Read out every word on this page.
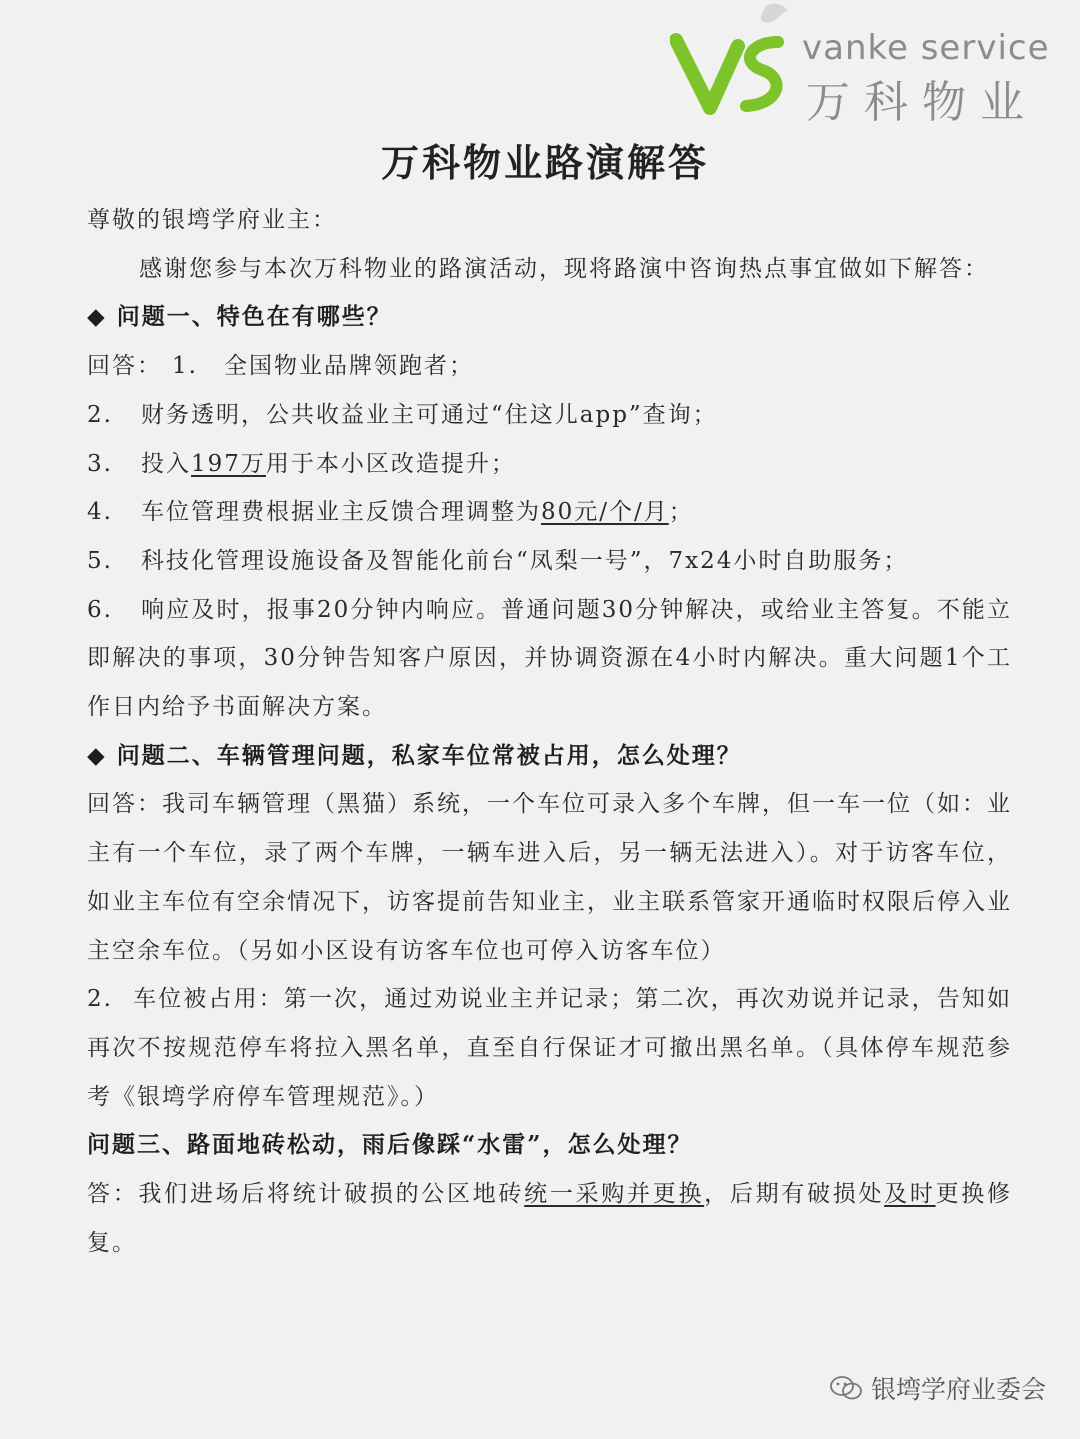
vanke service
万科物业
万科物业路演解答

尊敬的银塆学府业主：

感谢您参与本次万科物业的路演活动，现将路演中咨询热点事宜做如下解答：

◆ 问题一、特色在有哪些？

回答： 1. 全国物业品牌领跑者；

2. 财务透明，公共收益业主可通过“住这儿app”查询；

3. 投入197万用于本小区改造提升；

4. 车位管理费根据业主反馈合理调整为80元/个/月；

5. 科技化管理设施设备及智能化前台“凤梨一号”，7x24小时自助服务；

6. 响应及时，报事20分钟内响应。普通问题30分钟解决，或给业主答复。不能立即解决的事项，30分钟告知客户原因，并协调资源在4小时内解决。重大问题1个工作日内给予书面解决方案。

◆ 问题二、车辆管理问题，私家车位常被占用，怎么处理？

回答：我司车辆管理（黑猫）系统，一个车位可录入多个车牌，但一车一位（如：业主有一个车位，录了两个车牌，一辆车进入后，另一辆无法进入）。对于访客车位，如业主车位有空余情况下，访客提前告知业主，业主联系管家开通临时权限后停入业主空余车位。（另如小区设有访客车位也可停入访客车位）

2. 车位被占用：第一次，通过劝说业主并记录；第二次，再次劝说并记录，告知如再次不按规范停车将拉入黑名单，直至自行保证才可撤出黑名单。（具体停车规范参考《银塆学府停车管理规范》。）

问题三、路面地砖松动，雨后像踩“水雷”，怎么处理？

答：我们进场后将统计破损的公区地砖统一采购并更换，后期有破损处及时更换修复。

银塆学府业委会
